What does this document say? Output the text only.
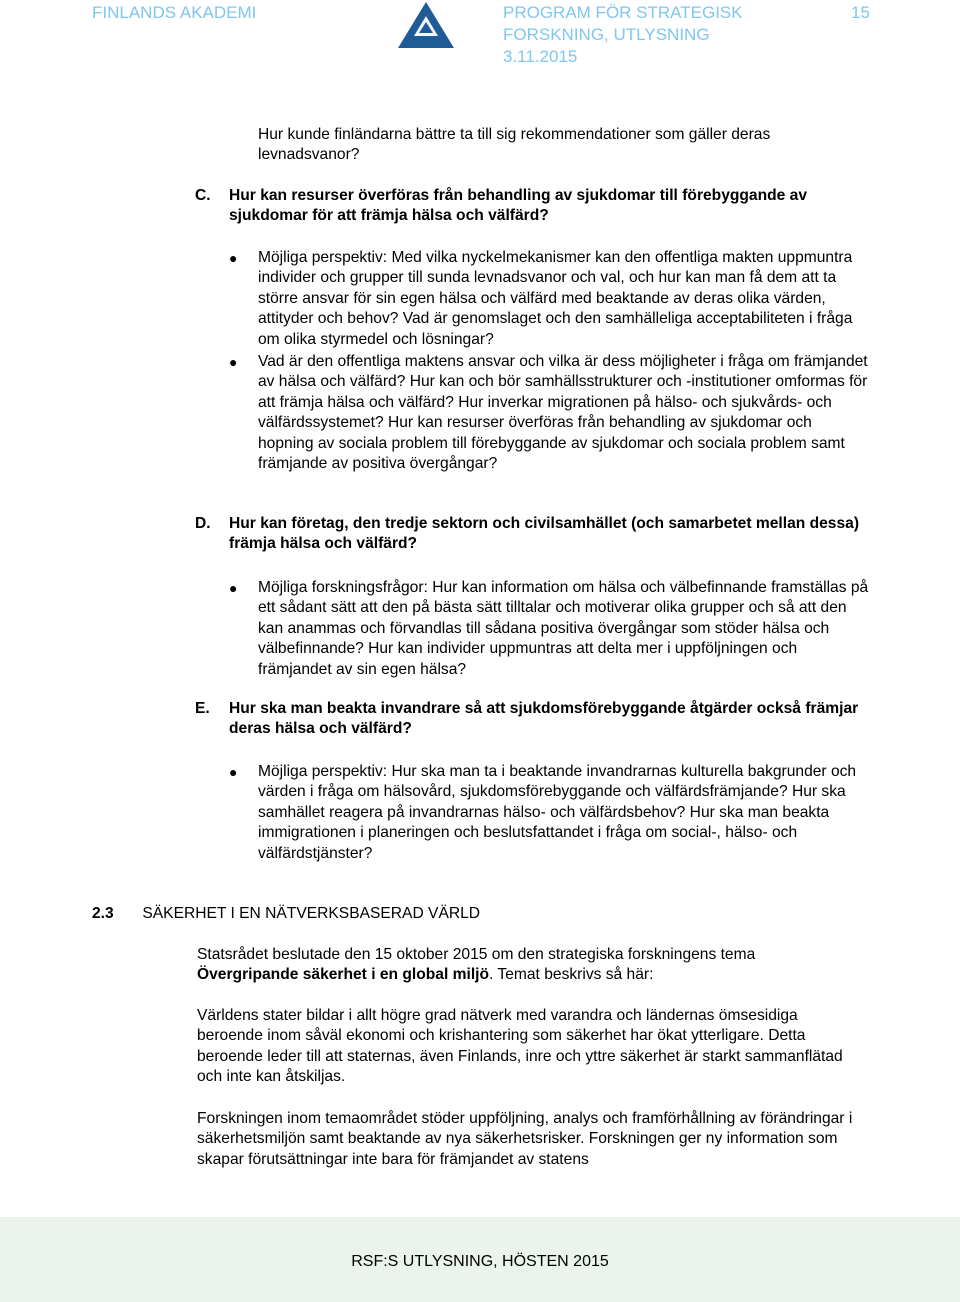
FINLANDS AKADEMI	PROGRAM FÖR STRATEGISK
FORSKNING, UTLYSNING
3.11.2015
15

Hur kunde finländarna bättre ta till sig rekommendationer som gäller deras levnadsvanor?

C. Hur kan resurser överföras från behandling av sjukdomar till förebyggande av sjukdomar för att främja hälsa och välfärd?
● Möjliga perspektiv: Med vilka nyckelmekanismer kan den offentliga makten uppmuntra individer och grupper till sunda levnadsvanor och val, och hur kan man få dem att ta större ansvar för sin egen hälsa och välfärd med beaktande av deras olika värden, attityder och behov? Vad är genomslaget och den samhälleliga acceptabiliteten i fråga om olika styrmedel och lösningar?
● Vad är den offentliga maktens ansvar och vilka är dess möjligheter i fråga om främjandet av hälsa och välfärd? Hur kan och bör samhällsstrukturer och -institutioner omformas för att främja hälsa och välfärd? Hur inverkar migrationen på hälso- och sjukvårds- och välfärdssystemet? Hur kan resurser överföras från behandling av sjukdomar och hopning av sociala problem till förebyggande av sjukdomar och sociala problem samt främjande av positiva övergångar?
D. Hur kan företag, den tredje sektorn och civilsamhället (och samarbetet mellan dessa) främja hälsa och välfärd?
● Möjliga forskningsfrågor: Hur kan information om hälsa och välbefinnande framställas på ett sådant sätt att den på bästa sätt tilltalar och motiverar olika grupper och så att den kan anammas och förvandlas till sådana positiva övergångar som stöder hälsa och välbefinnande? Hur kan individer uppmuntras att delta mer i uppföljningen och främjandet av sin egen hälsa?
E. Hur ska man beakta invandrare så att sjukdomsförebyggande åtgärder också främjar deras hälsa och välfärd?
● Möjliga perspektiv: Hur ska man ta i beaktande invandrarnas kulturella bakgrunder och värden i fråga om hälsovård, sjukdomsförebyggande och välfärdsfrämjande? Hur ska samhället reagera på invandrarnas hälso- och välfärdsbehov? Hur ska man beakta immigrationen i planeringen och beslutsfattandet i fråga om social-, hälso- och välfärdstjänster?
2.3 SÄKERHET I EN NÄTVERKSBASERAD VÄRLD

Statsrådet beslutade den 15 oktober 2015 om den strategiska forskningens tema Övergripande säkerhet i en global miljö. Temat beskrivs så här:

Världens stater bildar i allt högre grad nätverk med varandra och ländernas ömsesidiga beroende inom såväl ekonomi och krishantering som säkerhet har ökat ytterligare. Detta beroende leder till att staternas, även Finlands, inre och yttre säkerhet är starkt sammanflätad och inte kan åtskiljas.

Forskningen inom temaområdet stöder uppföljning, analys och framförhållning av förändringar i säkerhetsmiljön samt beaktande av nya säkerhetsrisker. Forskningen ger ny information som skapar förutsättningar inte bara för främjandet av statens

RSF:S UTLYSNING, HÖSTEN 2015
